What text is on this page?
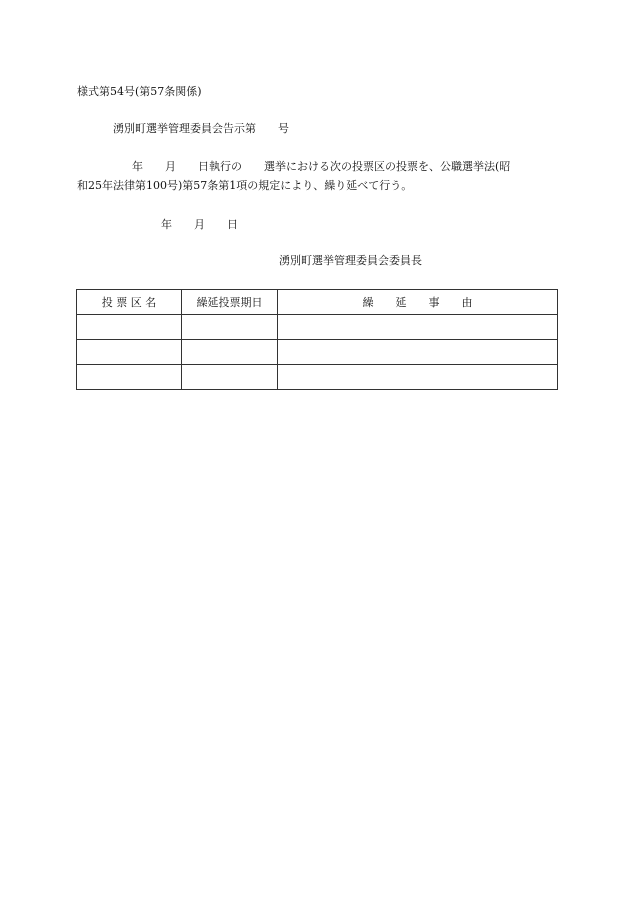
様式第54号(第57条関係)
湧別町選挙管理委員会告示第　　号
　　　　　年　　月　　日執行の　　選挙における次の投票区の投票を、公職選挙法(昭
和25年法律第100号)第57条第1項の規定により、繰り延べて行う。
年　　月　　日
湧別町選挙管理委員会委員長
投 票 区 名	繰延投票期日	繰　　延　　事　　由
